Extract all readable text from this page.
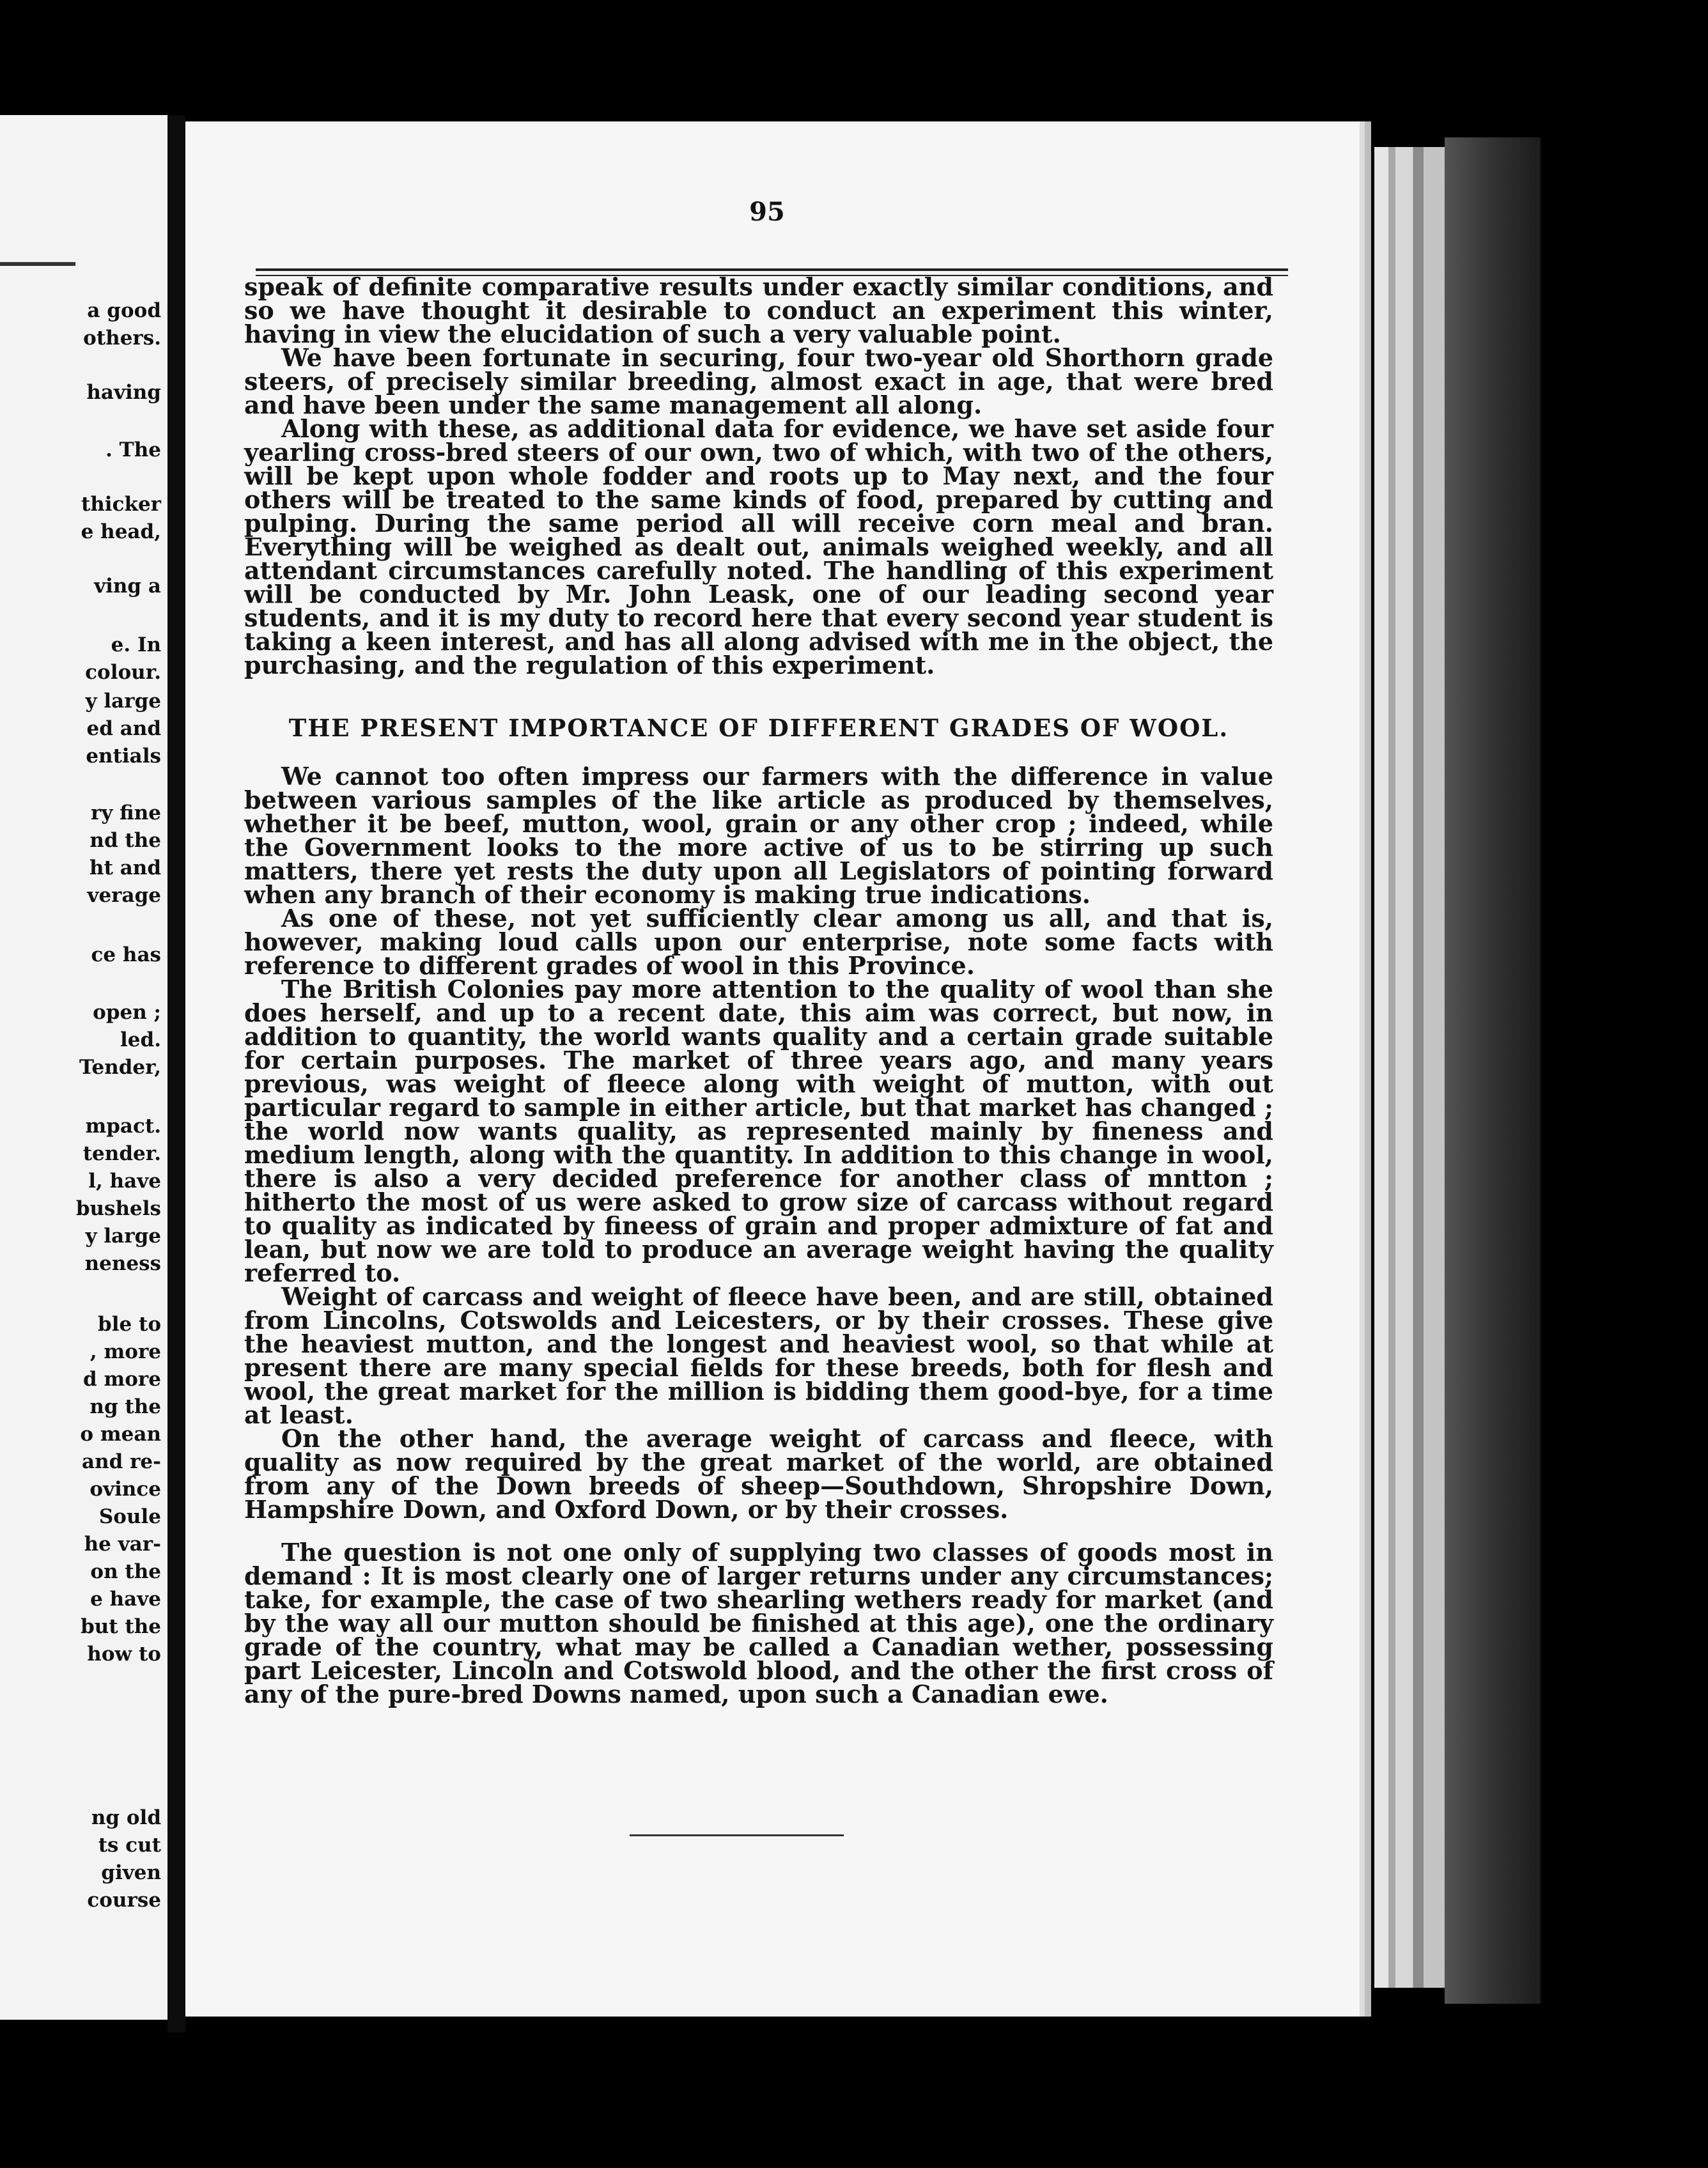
a good
others.
having
. The
thicker
e head,
ving a
e. In
colour.
y large
ed and
entials
ry fine
nd the
ht and
verage
ce has
open ;
led.
Tender,
mpact.
tender.
l, have
bushels
y large
neness
ble to
, more
d more
ng the
o mean
and re-
ovince
Soule
he var-
on the
e have
but the
how to
ng old
ts cut
given
course
95

speak of definite comparative results under exactly similar conditions, and so we have thought it desirable to conduct an experiment this winter, having in view the elucidation of such a very valuable point.

We have been fortunate in securing, four two-year old Shorthorn grade steers, of precisely similar breeding, almost exact in age, that were bred and have been under the same management all along.

Along with these, as additional data for evidence, we have set aside four yearling cross-bred steers of our own, two of which, with two of the others, will be kept upon whole fodder and roots up to May next, and the four others will be treated to the same kinds of food, prepared by cutting and pulping. During the same period all will receive corn meal and bran. Everything will be weighed as dealt out, animals weighed weekly, and all attendant circumstances carefully noted. The handling of this experiment will be conducted by Mr. John Leask, one of our leading second year students, and it is my duty to record here that every second year student is taking a keen interest, and has all along advised with me in the object, the purchasing, and the regulation of this experiment.

THE PRESENT IMPORTANCE OF DIFFERENT GRADES OF WOOL.

We cannot too often impress our farmers with the difference in value between various samples of the like article as produced by themselves, whether it be beef, mutton, wool, grain or any other crop ; indeed, while the Government looks to the more active of us to be stirring up such matters, there yet rests the duty upon all Legislators of pointing forward when any branch of their economy is making true indications.

As one of these, not yet sufficiently clear among us all, and that is, however, making loud calls upon our enterprise, note some facts with reference to different grades of wool in this Province.

The British Colonies pay more attention to the quality of wool than she does herself, and up to a recent date, this aim was correct, but now, in addition to quantity, the world wants quality and a certain grade suitable for certain purposes. The market of three years ago, and many years previous, was weight of fleece along with weight of mutton, with out particular regard to sample in either article, but that market has changed ; the world now wants quality, as represented mainly by fineness and medium length, along with the quantity. In addition to this change in wool, there is also a very decided preference for another class of mntton ; hitherto the most of us were asked to grow size of carcass without regard to quality as indicated by fineess of grain and proper admixture of fat and lean, but now we are told to produce an average weight having the quality referred to.

Weight of carcass and weight of fleece have been, and are still, obtained from Lincolns, Cotswolds and Leicesters, or by their crosses. These give the heaviest mutton, and the longest and heaviest wool, so that while at present there are many special fields for these breeds, both for flesh and wool, the great market for the million is bidding them good-bye, for a time at least.

On the other hand, the average weight of carcass and fleece, with quality as now required by the great market of the world, are obtained from any of the Down breeds of sheep—Southdown, Shropshire Down, Hampshire Down, and Oxford Down, or by their crosses.

The question is not one only of supplying two classes of goods most in demand : It is most clearly one of larger returns under any circumstances; take, for example, the case of two shearling wethers ready for market (and by the way all our mutton should be finished at this age), one the ordinary grade of the country, what may be called a Canadian wether, possessing part Leicester, Lincoln and Cotswold blood, and the other the first cross of any of the pure-bred Downs named, upon such a Canadian ewe.
